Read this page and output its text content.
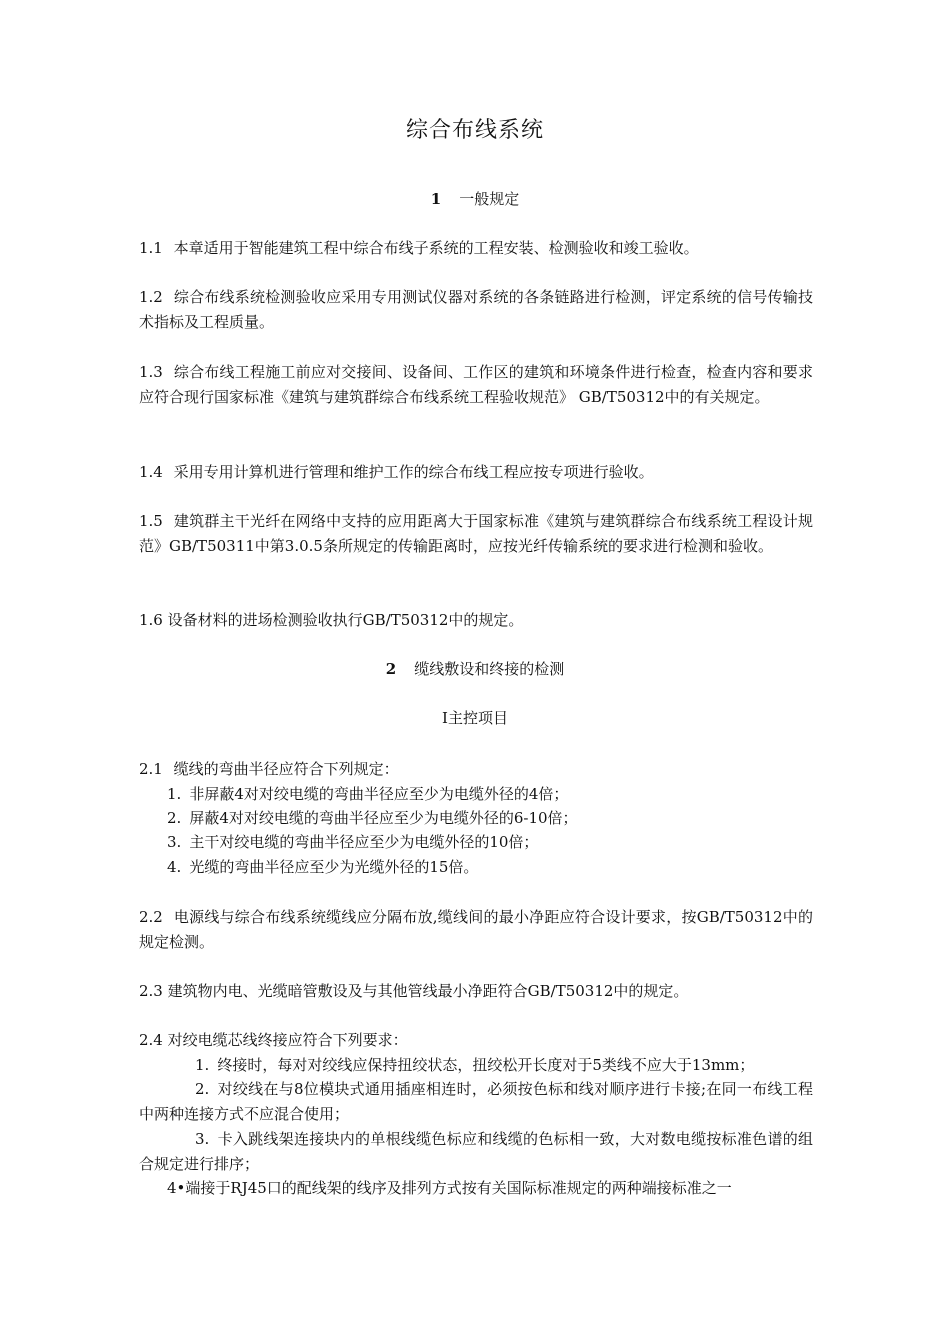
综合布线系统
1 一般规定

1.1 本章适用于智能建筑工程中综合布线子系统的工程安装、检测验收和竣工验收。

1.2 综合布线系统检测验收应采用专用测试仪器对系统的各条链路进行检测，评定系统的信号传输技术指标及工程质量。

1.3 综合布线工程施工前应对交接间、设备间、工作区的建筑和环境条件进行检查，检查内容和要求应符合现行国家标准《建筑与建筑群综合布线系统工程验收规范》 GB/T50312中的有关规定。

1.4 采用专用计算机进行管理和维护工作的综合布线工程应按专项进行验收。

1.5 建筑群主干光纤在网络中支持的应用距离大于国家标准《建筑与建筑群综合布线系统工程设计规范》GB/T50311中第3.0.5条所规定的传输距离时，应按光纤传输系统的要求进行检测和验收。

1.6 设备材料的进场检测验收执行GB/T50312中的规定。

2 缆线敷设和终接的检测
I主控项目

2.1 缆线的弯曲半径应符合下列规定：

1. 非屏蔽4对对绞电缆的弯曲半径应至少为电缆外径的4倍；

2. 屏蔽4对对绞电缆的弯曲半径应至少为电缆外径的6-10倍；

3. 主干对绞电缆的弯曲半径应至少为电缆外径的10倍；

4. 光缆的弯曲半径应至少为光缆外径的15倍。

2.2 电源线与综合布线系统缆线应分隔布放,缆线间的最小净距应符合设计要求，按GB/T50312中的规定检测。

2.3 建筑物内电、光缆暗管敷设及与其他管线最小净距符合GB/T50312中的规定。

2.4 对绞电缆芯线终接应符合下列要求：

1. 终接时，每对对绞线应保持扭绞状态，扭绞松开长度对于5类线不应大于13mm；

2. 对绞线在与8位模块式通用插座相连时，必须按色标和线对顺序进行卡接;在同一布线工程中两种连接方式不应混合使用；

3. 卡入跳线架连接块内的单根线缆色标应和线缆的色标相一致，大对数电缆按标准色谱的组合规定进行排序；

4•端接于RJ45口的配线架的线序及排列方式按有关国际标准规定的两种端接标准之一
